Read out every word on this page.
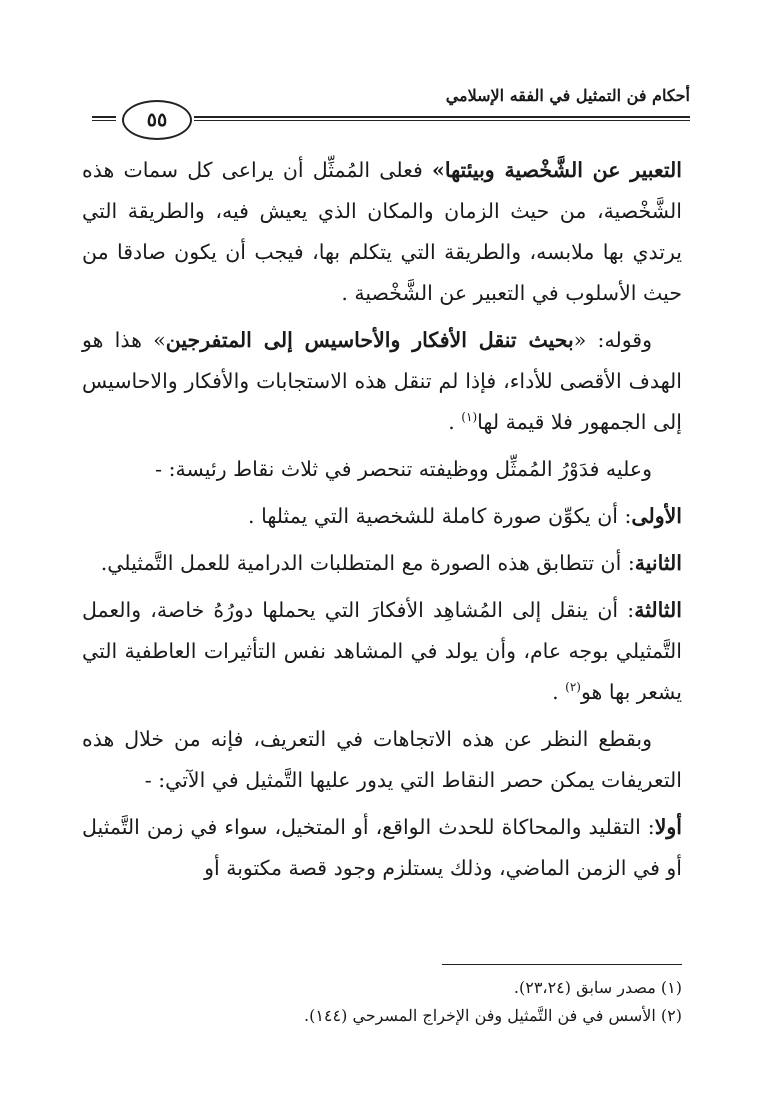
٥٥
أحكام فن التمثيل في الفقه الإسلامي

التعبير عن الشَّخْصية وبيئتها» فعلى المُمثِّل أن يراعى كل سمات هذه الشَّخْصية، من حيث الزمان والمكان الذي يعيش فيه، والطريقة التي يرتدي بها ملابسه، والطريقة التي يتكلم بها، فيجب أن يكون صادقا من حيث الأسلوب في التعبير عن الشَّخْصية .

وقوله: «بحيث تنقل الأفكار والأحاسيس إلى المتفرجين» هذا هو الهدف الأقصى للأداء، فإذا لم تنقل هذه الاستجابات والأفكار والاحاسيس إلى الجمهور فلا قيمة لها$^{(١)}$ .

وعليه فدَوْرُ المُمثِّل ووظيفته تنحصر في ثلاث نقاط رئيسة: -

الأولى: أن يكوِّن صورة كاملة للشخصية التي يمثلها .

الثانية: أن تتطابق هذه الصورة مع المتطلبات الدرامية للعمل التَّمثيلي.

الثالثة: أن ينقل إلى المُشاهِد الأفكارَ التي يحملها دورُهُ خاصة، والعمل التَّمثيلي بوجه عام، وأن يولد في المشاهد نفس التأثيرات العاطفية التي يشعر بها هو$^{(٢)}$ .

وبقطع النظر عن هذه الاتجاهات في التعريف، فإنه من خلال هذه التعريفات يمكن حصر النقاط التي يدور عليها التَّمثيل في الآتي: -

أولا: التقليد والمحاكاة للحدث الواقع، أو المتخيل، سواء في زمن التَّمثيل أو في الزمن الماضي، وذلك يستلزم وجود قصة مكتوبة أو

(١) مصدر سابق (٢٣،٢٤).

(٢) الأسس في فن التَّمثيل وفن الإخراج المسرحي (١٤٤).
